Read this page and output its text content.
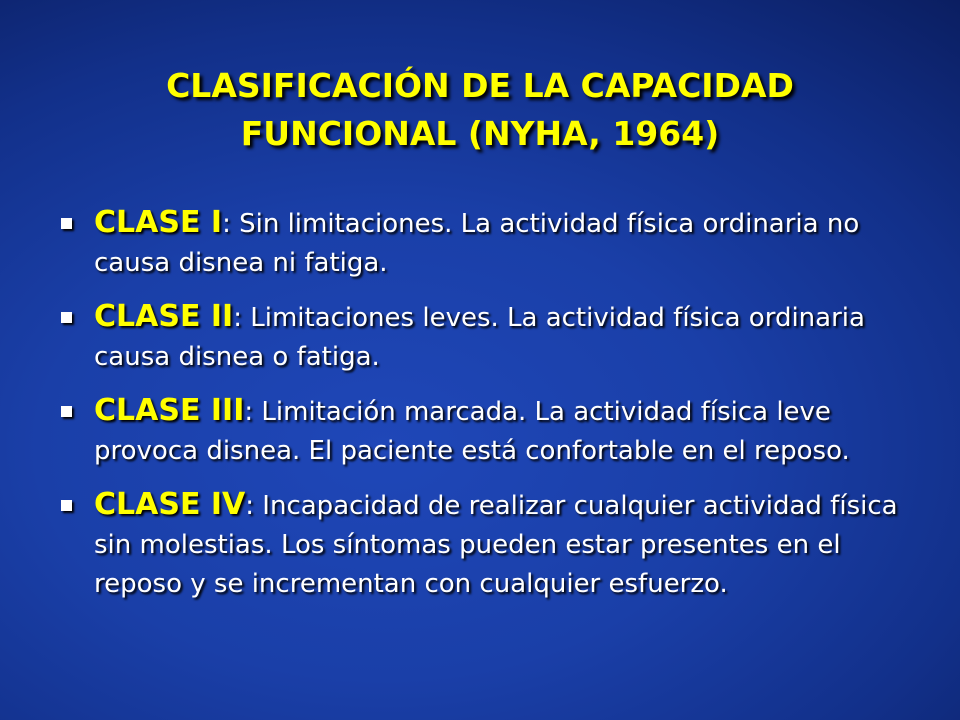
CLASIFICACIÓN DE LA CAPACIDAD
FUNCIONAL (NYHA, 1964)
CLASE I: Sin limitaciones. La actividad física ordinaria no causa disnea ni fatiga.
CLASE II: Limitaciones leves. La actividad física ordinaria causa disnea o fatiga.
CLASE III: Limitación marcada. La actividad física leve provoca disnea. El paciente está confortable en el reposo.
CLASE IV: Incapacidad de realizar cualquier actividad física sin molestias. Los síntomas pueden estar presentes en el reposo y se incrementan con cualquier esfuerzo.
